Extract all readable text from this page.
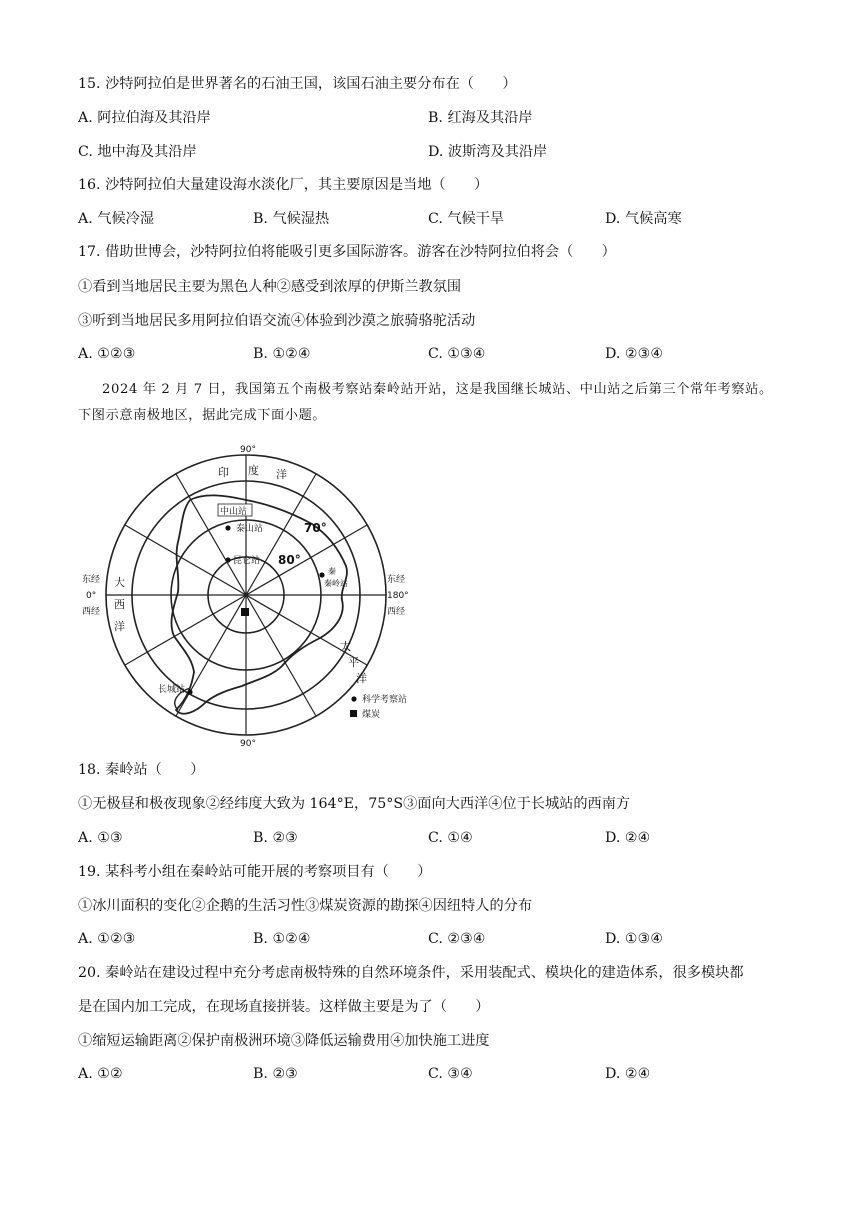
15. 沙特阿拉伯是世界著名的石油王国，该国石油主要分布在（　　）
A. 阿拉伯海及其沿岸	B. 红海及其沿岸
C. 地中海及其沿岸	D. 波斯湾及其沿岸
16. 沙特阿拉伯大量建设海水淡化厂，其主要原因是当地（　　）
A. 气候冷湿	B. 气候湿热	C. 气候干旱	D. 气候高寒
17. 借助世博会，沙特阿拉伯将能吸引更多国际游客。游客在沙特阿拉伯将会（　　）
①看到当地居民主要为黑色人种②感受到浓厚的伊斯兰教氛围
③听到当地居民多用阿拉伯语交流④体验到沙漠之旅骑骆驼活动
A. ①②③	B. ①②④	C. ①③④	D. ②③④
2024 年 2 月 7 日，我国第五个南极考察站秦岭站开站，这是我国继长城站、中山站之后第三个常年考察站。下图示意南极地区，据此完成下面小题。
印 度 洋
大
西
洋
太
平
洋
90°
90°
东经
0°
西经
东经
180°
西经
70°
80°
中山站
泰山站
昆仑站
秦
秦岭站
长城站
科学考察站
煤炭
18. 秦岭站（　　）
①无极昼和极夜现象②经纬度大致为 164°E，75°S③面向大西洋④位于长城站的西南方
A. ①③	B. ②③	C. ①④	D. ②④
19. 某科考小组在秦岭站可能开展的考察项目有（　　）
①冰川面积的变化②企鹅的生活习性③煤炭资源的勘探④因纽特人的分布
A. ①②③	B. ①②④	C. ②③④	D. ①③④
20. 秦岭站在建设过程中充分考虑南极特殊的自然环境条件，采用装配式、模块化的建造体系，很多模块都
是在国内加工完成，在现场直接拼装。这样做主要是为了（　　）
①缩短运输距离②保护南极洲环境③降低运输费用④加快施工进度
A. ①②	B. ②③	C. ③④	D. ②④
